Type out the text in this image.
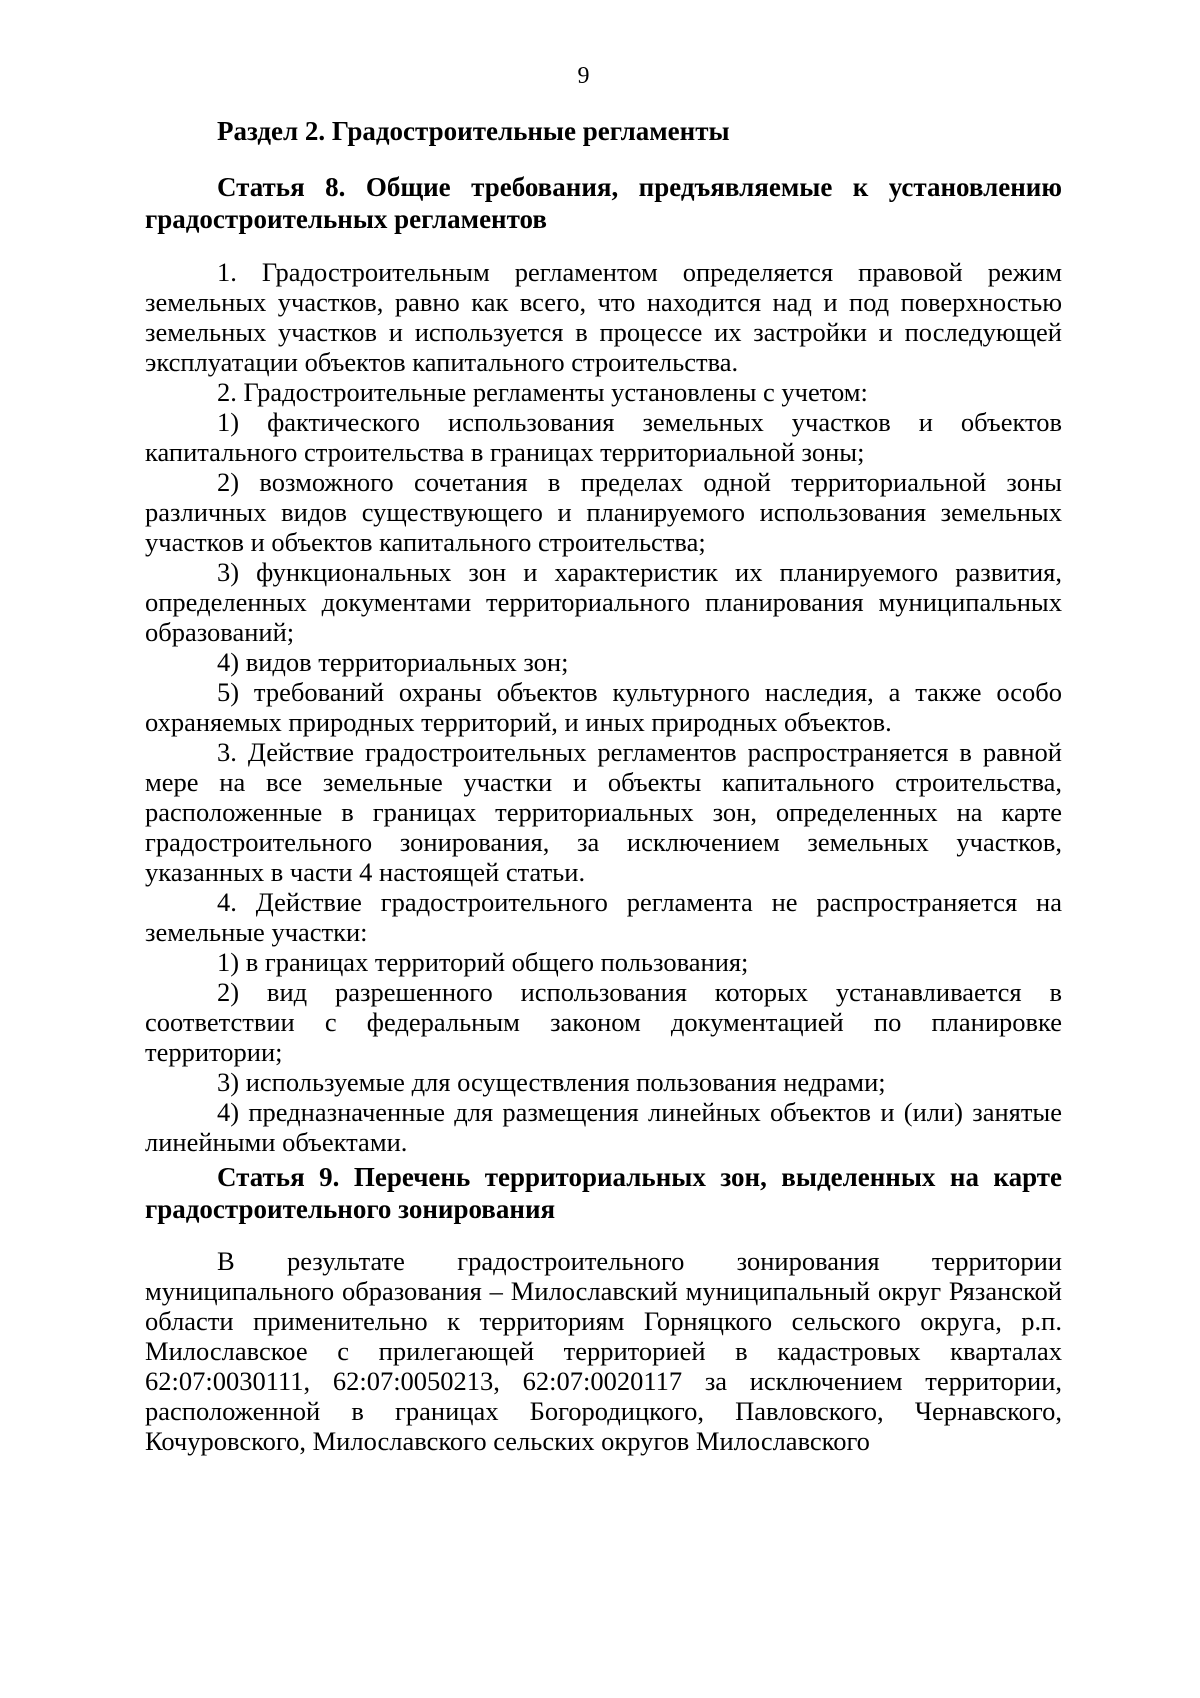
9

Раздел 2. Градостроительные регламенты
Статья 8. Общие требования, предъявляемые к установлению градостроительных регламентов

1. Градостроительным регламентом определяется правовой режим земельных участков, равно как всего, что находится над и под поверхностью земельных участков и используется в процессе их застройки и последующей эксплуатации объектов капитального строительства.

2. Градостроительные регламенты установлены с учетом:

1) фактического использования земельных участков и объектов капитального строительства в границах территориальной зоны;

2) возможного сочетания в пределах одной территориальной зоны различных видов существующего и планируемого использования земельных участков и объектов капитального строительства;

3) функциональных зон и характеристик их планируемого развития, определенных документами территориального планирования муниципальных образований;

4) видов территориальных зон;

5) требований охраны объектов культурного наследия, а также особо охраняемых природных территорий, и иных природных объектов.

3. Действие градостроительных регламентов распространяется в равной мере на все земельные участки и объекты капитального строительства, расположенные в границах территориальных зон, определенных на карте градостроительного зонирования, за исключением земельных участков, указанных в части 4 настоящей статьи.

4. Действие градостроительного регламента не распространяется на земельные участки:

1) в границах территорий общего пользования;

2) вид разрешенного использования которых устанавливается в соответствии с федеральным законом документацией по планировке территории;

3) используемые для осуществления пользования недрами;

4) предназначенные для размещения линейных объектов и (или) занятые линейными объектами.

Статья 9. Перечень территориальных зон, выделенных на карте градостроительного зонирования

В результате градостроительного зонирования территории муниципального образования – Милославский муниципальный округ Рязанской области применительно к территориям Горняцкого сельского округа, р.п. Милославское с прилегающей территорией в кадастровых кварталах 62:07:0030111, 62:07:0050213, 62:07:0020117 за исключением территории, расположенной в границах Богородицкого, Павловского, Чернавского, Кочуровского, Милославского сельских округов Милославского
